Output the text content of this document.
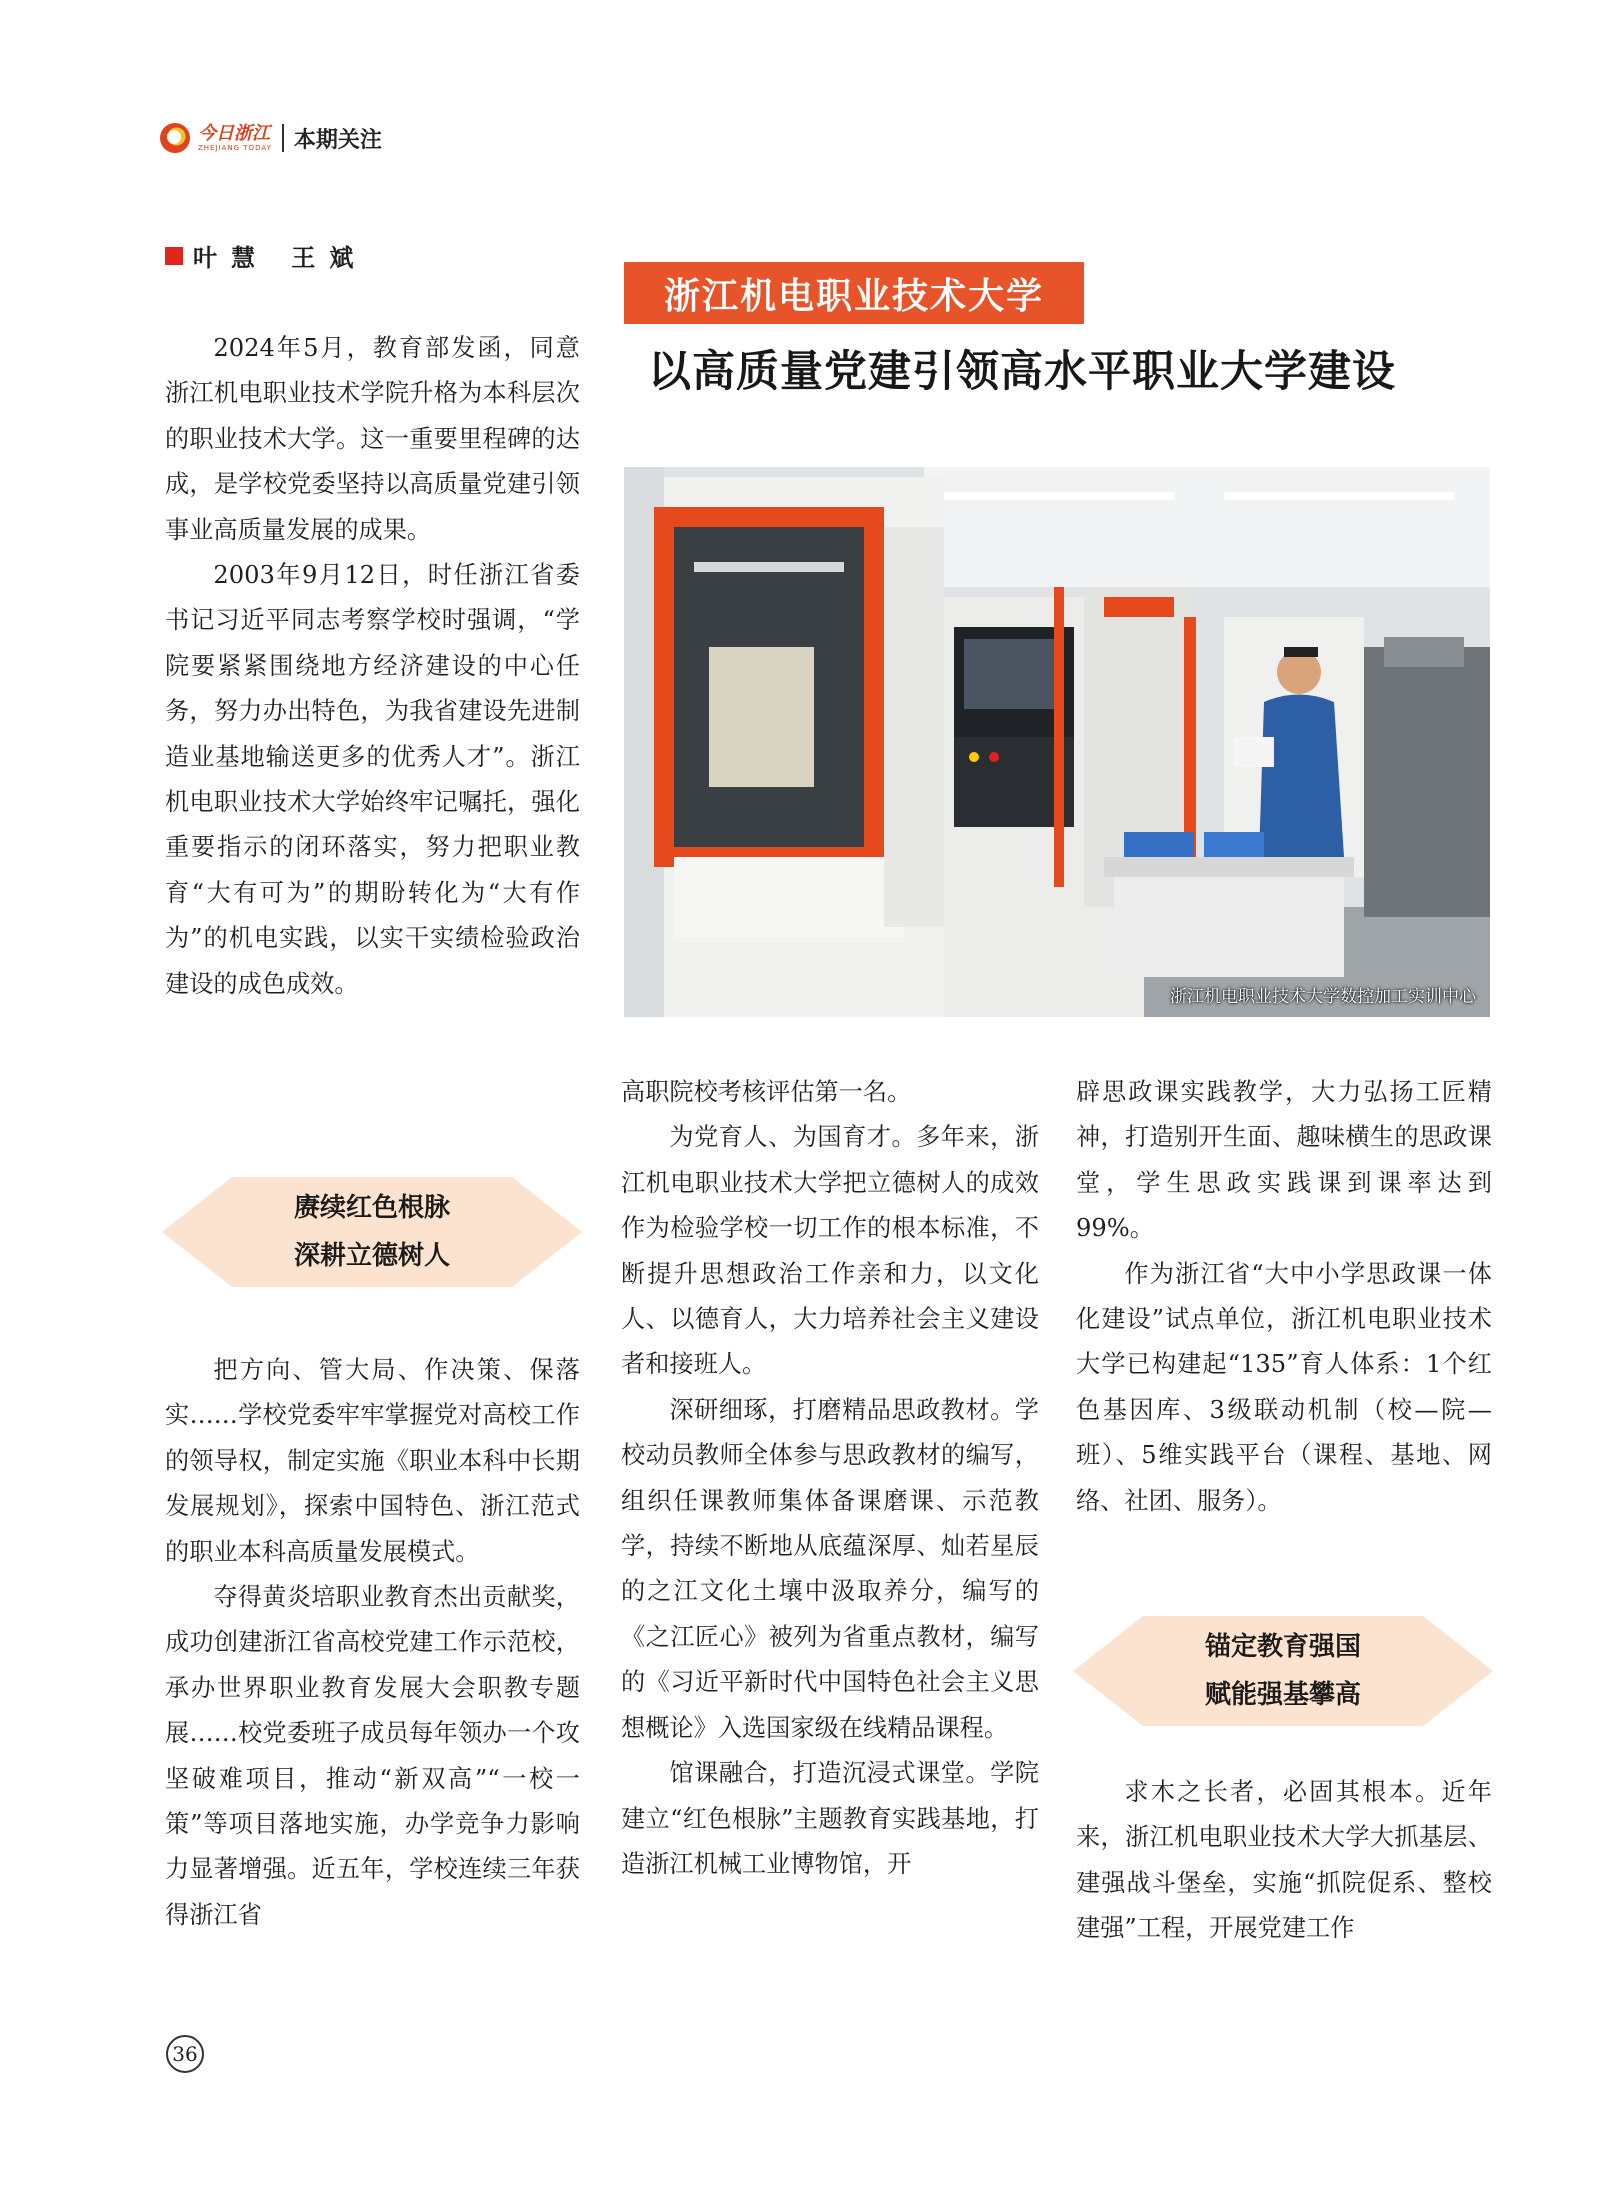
今日浙江
ZHEJIANG TODAY 本期关注
叶慧 王斌
浙江机电职业技术大学
以高质量党建引领高水平职业大学建设
浙江机电职业技术大学数控加工实训中心

2024年5月，教育部发函，同意浙江机电职业技术学院升格为本科层次的职业技术大学。这一重要里程碑的达成，是学校党委坚持以高质量党建引领事业高质量发展的成果。

2003年9月12日，时任浙江省委书记习近平同志考察学校时强调，“学院要紧紧围绕地方经济建设的中心任务，努力办出特色，为我省建设先进制造业基地输送更多的优秀人才”。浙江机电职业技术大学始终牢记嘱托，强化重要指示的闭环落实，努力把职业教育“大有可为”的期盼转化为“大有作为”的机电实践，以实干实绩检验政治建设的成色成效。

赓续红色根脉
深耕立德树人

把方向、管大局、作决策、保落实……学校党委牢牢掌握党对高校工作的领导权，制定实施《职业本科中长期发展规划》，探索中国特色、浙江范式的职业本科高质量发展模式。

夺得黄炎培职业教育杰出贡献奖，成功创建浙江省高校党建工作示范校，承办世界职业教育发展大会职教专题展……校党委班子成员每年领办一个攻坚破难项目，推动“新双高”“一校一策”等项目落地实施，办学竞争力影响力显著增强。近五年，学校连续三年获得浙江省

高职院校考核评估第一名。

为党育人、为国育才。多年来，浙江机电职业技术大学把立德树人的成效作为检验学校一切工作的根本标准，不断提升思想政治工作亲和力，以文化人、以德育人，大力培养社会主义建设者和接班人。

深研细琢，打磨精品思政教材。学校动员教师全体参与思政教材的编写，组织任课教师集体备课磨课、示范教学，持续不断地从底蕴深厚、灿若星辰的之江文化土壤中汲取养分，编写的《之江匠心》被列为省重点教材，编写的《习近平新时代中国特色社会主义思想概论》入选国家级在线精品课程。

馆课融合，打造沉浸式课堂。学院建立“红色根脉”主题教育实践基地，打造浙江机械工业博物馆，开

辟思政课实践教学，大力弘扬工匠精神，打造别开生面、趣味横生的思政课堂，学生思政实践课到课率达到99%。

作为浙江省“大中小学思政课一体化建设”试点单位，浙江机电职业技术大学已构建起“135”育人体系：1个红色基因库、3级联动机制（校—院—班）、5维实践平台（课程、基地、网络、社团、服务）。

锚定教育强国
赋能强基攀高

求木之长者，必固其根本。近年来，浙江机电职业技术大学大抓基层、建强战斗堡垒，实施“抓院促系、整校建强”工程，开展党建工作

36
